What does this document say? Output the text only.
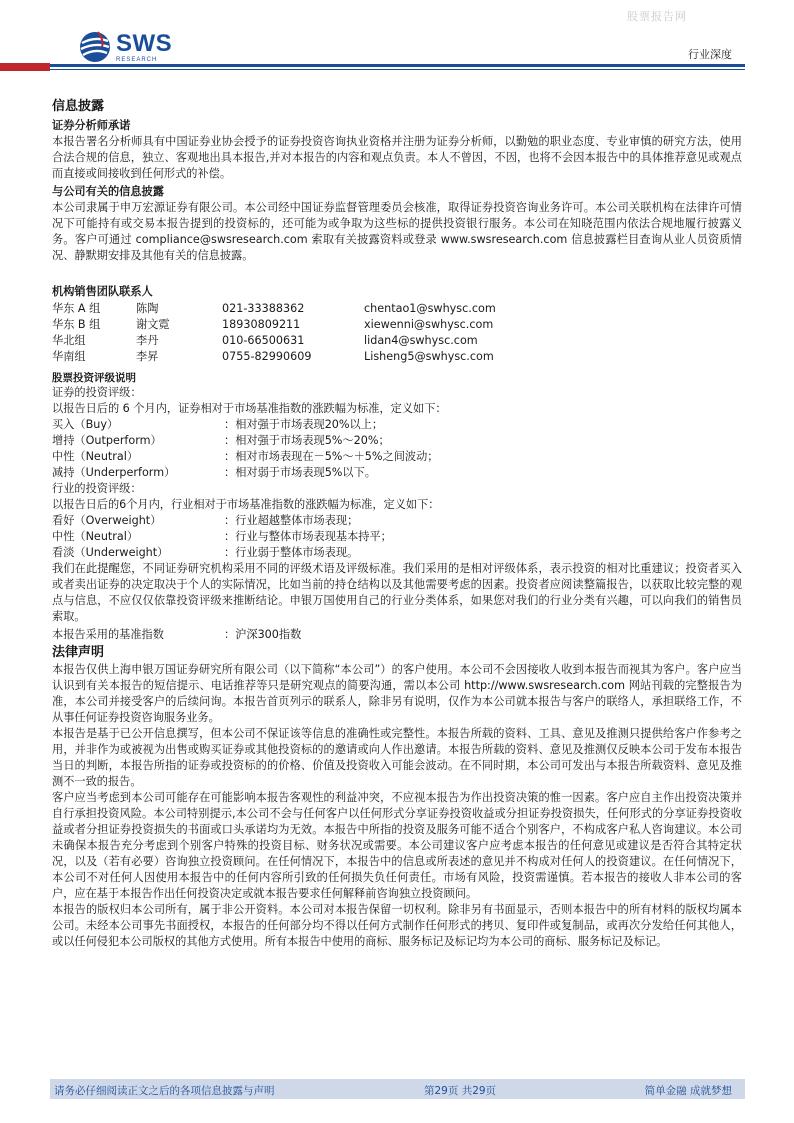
股票报告网
SWS
RESEARCH	行业深度
信息披露
证券分析师承诺

本报告署名分析师具有中国证券业协会授予的证券投资咨询执业资格并注册为证券分析师，以勤勉的职业态度、专业审慎的研究方法，使用合法合规的信息，独立、客观地出具本报告,并对本报告的内容和观点负责。本人不曾因，不因，也将不会因本报告中的具体推荐意见或观点而直接或间接收到任何形式的补偿。

与公司有关的信息披露

本公司隶属于申万宏源证券有限公司。本公司经中国证券监督管理委员会核准，取得证券投资咨询业务许可。本公司关联机构在法律许可情况下可能持有或交易本报告提到的投资标的，还可能为或争取为这些标的提供投资银行服务。本公司在知晓范围内依法合规地履行披露义务。客户可通过 compliance@swsresearch.com 索取有关披露资料或登录 www.swsresearch.com 信息披露栏目查询从业人员资质情况、静默期安排及其他有关的信息披露。

机构销售团队联系人
华东 A 组	陈陶	021-33388362	chentao1@swhysc.com
华东 B 组	谢文霓	18930809211	xiewenni@swhysc.com
华北组	李丹	010-66500631	lidan4@swhysc.com
华南组	李昇	0755-82990609	Lisheng5@swhysc.com
股票投资评级说明

证券的投资评级：

以报告日后的 6 个月内，证券相对于市场基准指数的涨跌幅为标准，定义如下：

买入（Buy）	：相对强于市场表现20%以上；
增持（Outperform）	：相对强于市场表现5%～20%；
中性（Neutral）	：相对市场表现在－5%～＋5%之间波动；
减持（Underperform）	：相对弱于市场表现5%以下。

行业的投资评级：

以报告日后的6个月内，行业相对于市场基准指数的涨跌幅为标准，定义如下：

看好（Overweight）	：行业超越整体市场表现；
中性（Neutral）	：行业与整体市场表现基本持平；
看淡（Underweight）	：行业弱于整体市场表现。

我们在此提醒您，不同证券研究机构采用不同的评级术语及评级标准。我们采用的是相对评级体系，表示投资的相对比重建议；投资者买入或者卖出证券的决定取决于个人的实际情况，比如当前的持仓结构以及其他需要考虑的因素。投资者应阅读整篇报告，以获取比较完整的观点与信息，不应仅仅依靠投资评级来推断结论。申银万国使用自己的行业分类体系，如果您对我们的行业分类有兴趣，可以向我们的销售员索取。

本报告采用的基准指数	：沪深300指数
法律声明

本报告仅供上海申银万国证券研究所有限公司（以下简称“本公司”）的客户使用。本公司不会因接收人收到本报告而视其为客户。客户应当认识到有关本报告的短信提示、电话推荐等只是研究观点的简要沟通，需以本公司 http://www.swsresearch.com 网站刊载的完整报告为准，本公司并接受客户的后续问询。本报告首页列示的联系人，除非另有说明，仅作为本公司就本报告与客户的联络人，承担联络工作，不从事任何证券投资咨询服务业务。

本报告是基于已公开信息撰写，但本公司不保证该等信息的准确性或完整性。本报告所载的资料、工具、意见及推测只提供给客户作参考之用，并非作为或被视为出售或购买证券或其他投资标的的邀请或向人作出邀请。本报告所载的资料、意见及推测仅反映本公司于发布本报告当日的判断，本报告所指的证券或投资标的的价格、价值及投资收入可能会波动。在不同时期，本公司可发出与本报告所载资料、意见及推测不一致的报告。

客户应当考虑到本公司可能存在可能影响本报告客观性的利益冲突，不应视本报告为作出投资决策的惟一因素。客户应自主作出投资决策并自行承担投资风险。本公司特别提示,本公司不会与任何客户以任何形式分享证券投资收益或分担证券投资损失，任何形式的分享证券投资收益或者分担证券投资损失的书面或口头承诺均为无效。本报告中所指的投资及服务可能不适合个别客户，不构成客户私人咨询建议。本公司未确保本报告充分考虑到个别客户特殊的投资目标、财务状况或需要。本公司建议客户应考虑本报告的任何意见或建议是否符合其特定状况，以及（若有必要）咨询独立投资顾问。在任何情况下，本报告中的信息或所表述的意见并不构成对任何人的投资建议。在任何情况下，本公司不对任何人因使用本报告中的任何内容所引致的任何损失负任何责任。市场有风险，投资需谨慎。若本报告的接收人非本公司的客户，应在基于本报告作出任何投资决定或就本报告要求任何解释前咨询独立投资顾问。

本报告的版权归本公司所有，属于非公开资料。本公司对本报告保留一切权利。除非另有书面显示，否则本报告中的所有材料的版权均属本公司。未经本公司事先书面授权，本报告的任何部分均不得以任何方式制作任何形式的拷贝、复印件或复制品，或再次分发给任何其他人，或以任何侵犯本公司版权的其他方式使用。所有本报告中使用的商标、服务标记及标记均为本公司的商标、服务标记及标记。

请务必仔细阅读正文之后的各项信息披露与声明	第29页 共29页	简单金融 成就梦想
